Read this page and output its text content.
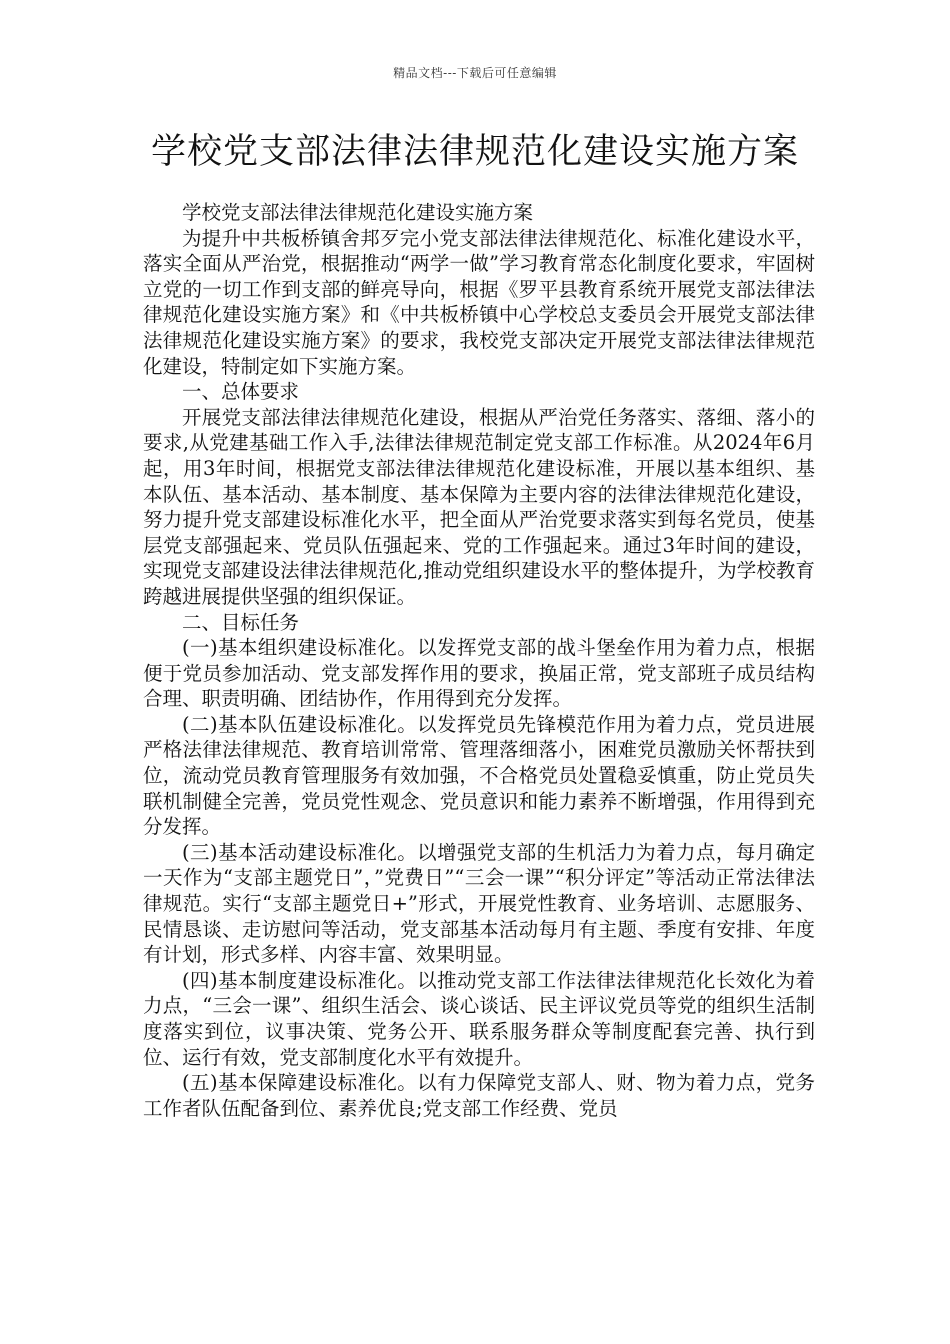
精品文档---下载后可任意编辑
学校党支部法律法律规范化建设实施方案

学校党支部法律法律规范化建设实施方案

为提升中共板桥镇舍邦歹完小党支部法律法律规范化、标准化建设水平，落实全面从严治党，根据推动“两学一做”学习教育常态化制度化要求，牢固树立党的一切工作到支部的鲜亮导向，根据《罗平县教育系统开展党支部法律法律规范化建设实施方案》和《中共板桥镇中心学校总支委员会开展党支部法律法律规范化建设实施方案》的要求，我校党支部决定开展党支部法律法律规范化建设，特制定如下实施方案。

一、总体要求

开展党支部法律法律规范化建设，根据从严治党任务落实、落细、落小的要求,从党建基础工作入手,法律法律规范制定党支部工作标准。从2024年6月起，用3年时间，根据党支部法律法律规范化建设标准，开展以基本组织、基本队伍、基本活动、基本制度、基本保障为主要内容的法律法律规范化建设，努力提升党支部建设标准化水平，把全面从严治党要求落实到每名党员，使基层党支部强起来、党员队伍强起来、党的工作强起来。通过3年时间的建设，实现党支部建设法律法律规范化,推动党组织建设水平的整体提升，为学校教育跨越进展提供坚强的组织保证。

二、目标任务

(一)基本组织建设标准化。以发挥党支部的战斗堡垒作用为着力点，根据便于党员参加活动、党支部发挥作用的要求，换届正常，党支部班子成员结构合理、职责明确、团结协作，作用得到充分发挥。

(二)基本队伍建设标准化。以发挥党员先锋模范作用为着力点，党员进展严格法律法律规范、教育培训常常、管理落细落小，困难党员激励关怀帮扶到位，流动党员教育管理服务有效加强，不合格党员处置稳妥慎重，防止党员失联机制健全完善，党员党性观念、党员意识和能力素养不断增强，作用得到充分发挥。

(三)基本活动建设标准化。以增强党支部的生机活力为着力点，每月确定一天作为“支部主题党日”，”党费日”“三会一课”“积分评定”等活动正常法律法律规范。实行“支部主题党日+”形式，开展党性教育、业务培训、志愿服务、民情恳谈、走访慰问等活动，党支部基本活动每月有主题、季度有安排、年度有计划，形式多样、内容丰富、效果明显。

(四)基本制度建设标准化。以推动党支部工作法律法律规范化长效化为着力点，“三会一课”、组织生活会、谈心谈话、民主评议党员等党的组织生活制度落实到位，议事决策、党务公开、联系服务群众等制度配套完善、执行到位、运行有效，党支部制度化水平有效提升。

(五)基本保障建设标准化。以有力保障党支部人、财、物为着力点，党务工作者队伍配备到位、素养优良;党支部工作经费、党员
